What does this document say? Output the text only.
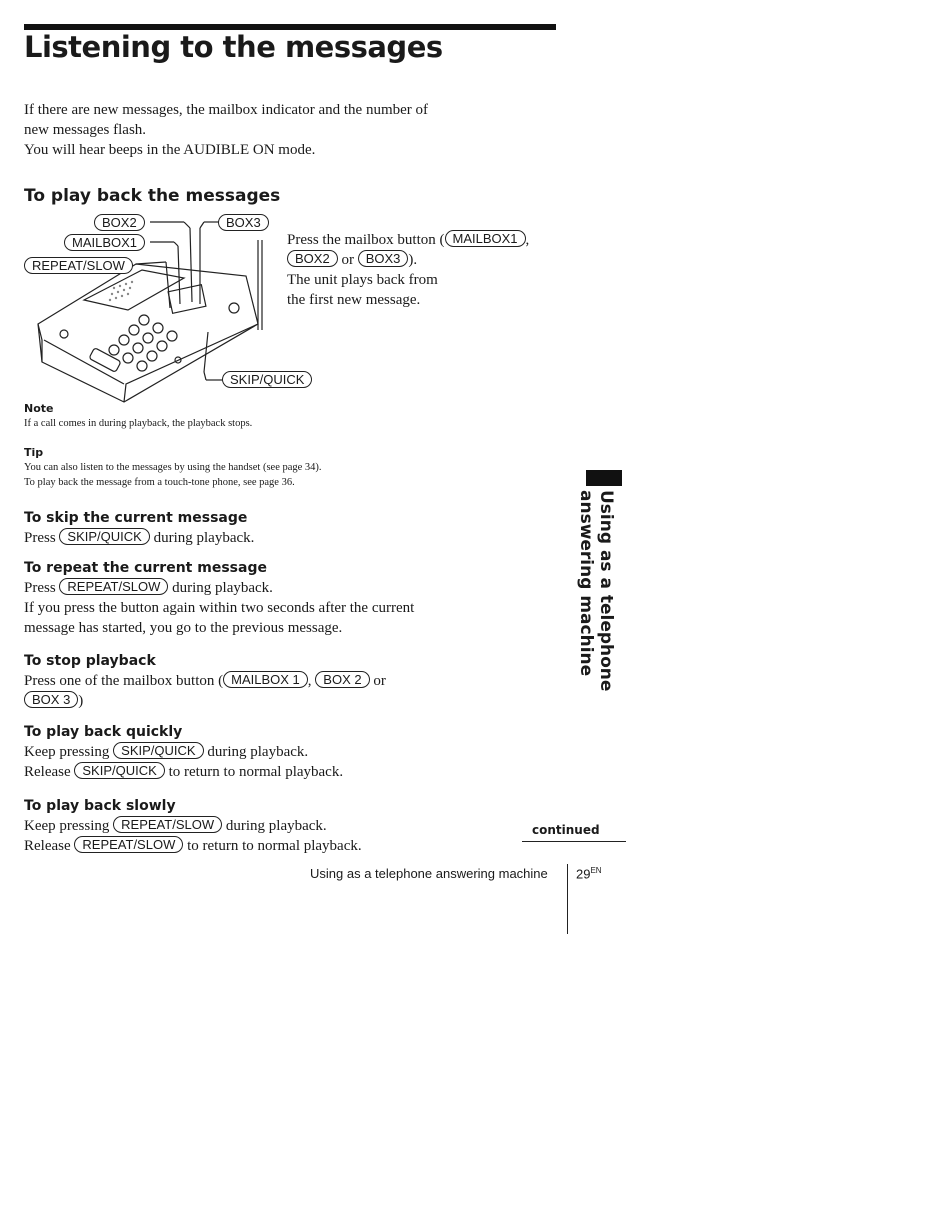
Listening to the messages
If there are new messages, the mailbox indicator and the number of
new messages flash.
You will hear beeps in the AUDIBLE ON mode.
To play back the messages
BOX2	BOX3
MAILBOX1
REPEAT/SLOW
SKIP/QUICK
Press the mailbox button ( MAILBOX1 ,
BOX2 or BOX3 ).
The unit plays back from
the first new message.
Note
If a call comes in during playback, the playback stops.
Tip
You can also listen to the messages by using the handset (see page 34).
To play back the message from a touch-tone phone, see page 36.
To skip the current message
Press SKIP/QUICK during playback.
To repeat the current message
Press REPEAT/SLOW during playback.
If you press the button again within two seconds after the current
message has started, you go to the previous message.
To stop playback
Press one of the mailbox button ( MAILBOX 1 , BOX 2 or
BOX 3 )
To play back quickly
Keep pressing SKIP/QUICK during playback.
Release SKIP/QUICK to return to normal playback.
To play back slowly
Keep pressing REPEAT/SLOW during playback.
Release REPEAT/SLOW to return to normal playback.
continued
Using as a telephone
answering machine
Using as a telephone answering machine $29^{EN}$
